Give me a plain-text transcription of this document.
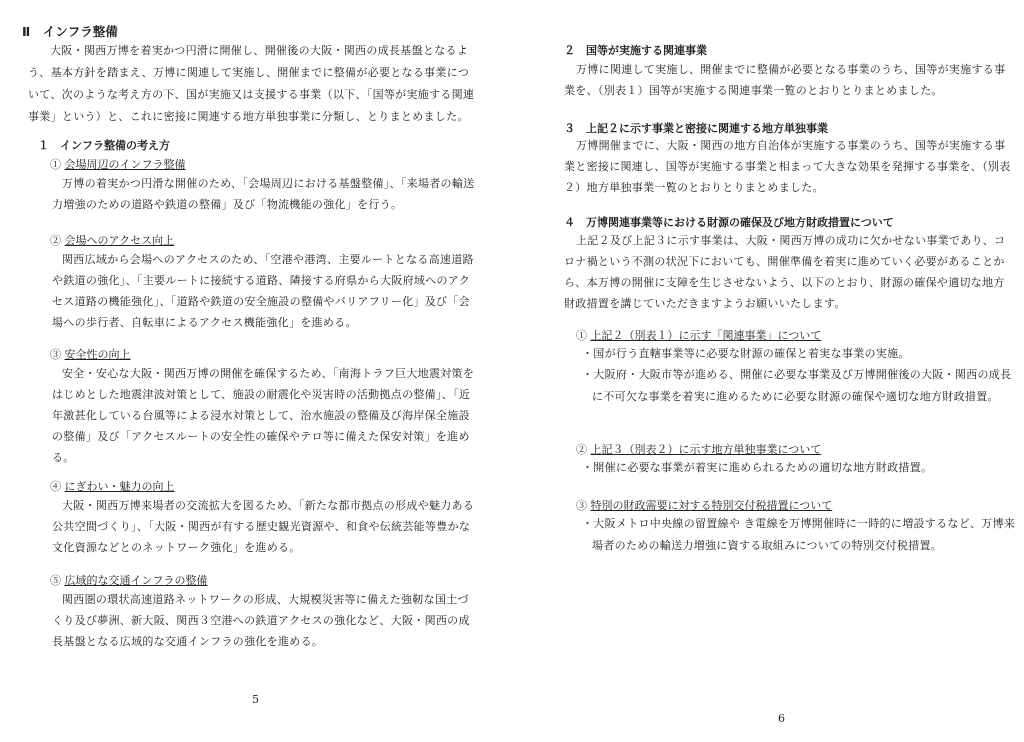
Ⅱ　インフラ整備

大阪・関西万博を着実かつ円滑に開催し、開催後の大阪・関西の成長基盤となるよう、基本方針を踏まえ、万博に関連して実施し、開催までに整備が必要となる事業について、次のような考え方の下、国が実施又は支援する事業（以下、「国等が実施する関連事業」という）と、これに密接に関連する地方単独事業に分類し、とりまとめました。

１　インフラ整備の考え方
① 会場周辺のインフラ整備

万博の着実かつ円滑な開催のため、「会場周辺における基盤整備」、「来場者の輸送力増強のための道路や鉄道の整備」及び「物流機能の強化」を行う。

② 会場へのアクセス向上

関西広域から会場へのアクセスのため、「空港や港湾、主要ルートとなる高速道路や鉄道の強化」、「主要ルートに接続する道路、隣接する府県から大阪府域へのアクセス道路の機能強化」、「道路や鉄道の安全施設の整備やバリアフリー化」及び「会場への歩行者、自転車によるアクセス機能強化」を進める。

③ 安全性の向上

安全・安心な大阪・関西万博の開催を確保するため、「南海トラフ巨大地震対策をはじめとした地震津波対策として、施設の耐震化や災害時の活動拠点の整備」、「近年激甚化している台風等による浸水対策として、治水施設の整備及び海岸保全施設の整備」及び「アクセスルートの安全性の確保やテロ等に備えた保安対策」を進める。

④ にぎわい・魅力の向上

大阪・関西万博来場者の交流拡大を図るため、「新たな都市拠点の形成や魅力ある公共空間づくり」、「大阪・関西が有する歴史観光資源や、和食や伝統芸能等豊かな文化資源などとのネットワーク強化」を進める。

⑤ 広域的な交通インフラの整備

関西圏の環状高速道路ネットワークの形成、大規模災害等に備えた強靭な国土づくり及び夢洲、新大阪、関西３空港への鉄道アクセスの強化など、大阪・関西の成長基盤となる広域的な交通インフラの強化を進める。

5
２　国等が実施する関連事業

万博に関連して実施し、開催までに整備が必要となる事業のうち、国等が実施する事業を、（別表１）国等が実施する関連事業一覧のとおりとりまとめました。

３　上記２に示す事業と密接に関連する地方単独事業

万博開催までに、大阪・関西の地方自治体が実施する事業のうち、国等が実施する事業と密接に関連し、国等が実施する事業と相まって大きな効果を発揮する事業を、（別表２）地方単独事業一覧のとおりとりまとめました。

４　万博関連事業等における財源の確保及び地方財政措置について

上記２及び上記３に示す事業は、大阪・関西万博の成功に欠かせない事業であり、コロナ禍という不測の状況下においても、開催準備を着実に進めていく必要があることから、本万博の開催に支障を生じさせないよう、以下のとおり、財源の確保や適切な地方財政措置を講じていただきますようお願いいたします。

① 上記２（別表１）に示す「関連事業」について

・国が行う直轄事業等に必要な財源の確保と着実な事業の実施。

・大阪府・大阪市等が進める、開催に必要な事業及び万博開催後の大阪・関西の成長に不可欠な事業を着実に進めるために必要な財源の確保や適切な地方財政措置。

② 上記３（別表２）に示す地方単独事業について

・開催に必要な事業が着実に進められるための適切な地方財政措置。

③ 特別の財政需要に対する特別交付税措置について

・大阪メトロ中央線の留置線や き電線を万博開催時に一時的に増設するなど、万博来場者のための輸送力増強に資する取組みについての特別交付税措置。

6
